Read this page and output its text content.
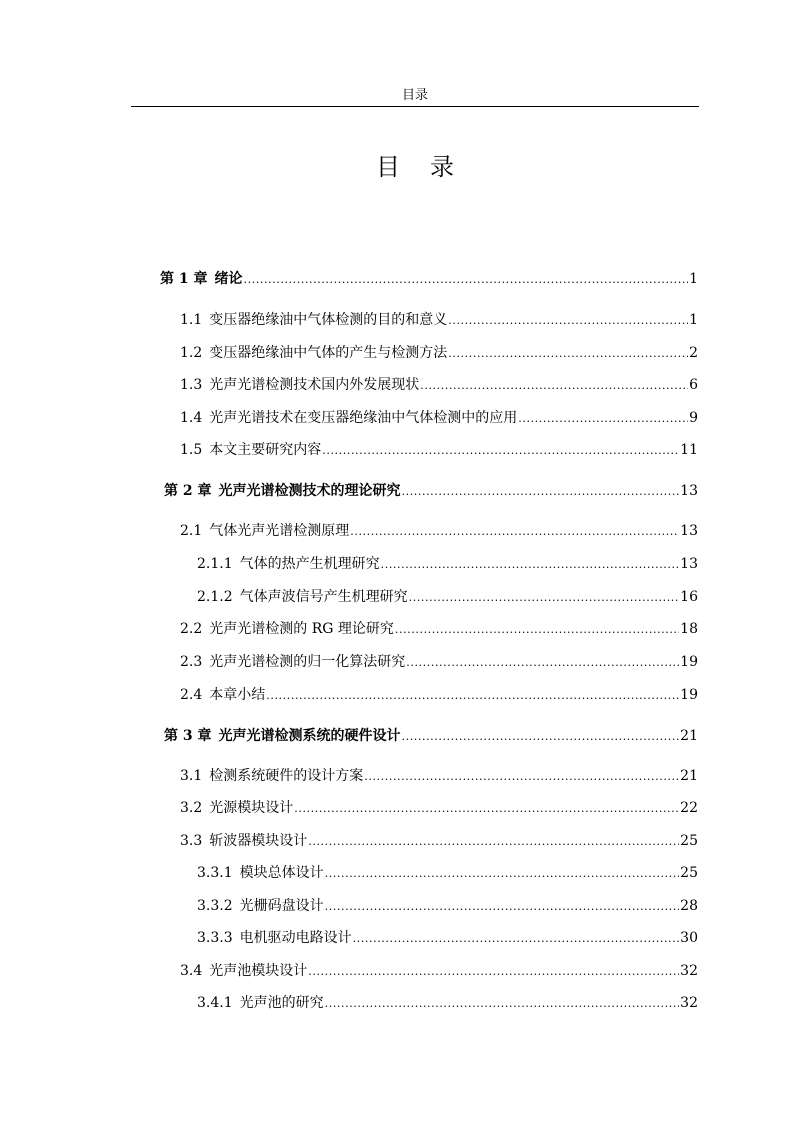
目录
目录
第 1 章 绪论 .....	1
1.1 变压器绝缘油中气体检测的目的和意义 .....	1
1.2 变压器绝缘油中气体的产生与检测方法 .....	2
1.3 光声光谱检测技术国内外发展现状 .....	6
1.4 光声光谱技术在变压器绝缘油中气体检测中的应用 .....	9
1.5 本文主要研究内容 .....	11
第 2 章 光声光谱检测技术的理论研究 .....	13
2.1 气体光声光谱检测原理 .....	13
2.1.1 气体的热产生机理研究 .....	13
2.1.2 气体声波信号产生机理研究 .....	16
2.2 光声光谱检测的 RG 理论研究 .....	18
2.3 光声光谱检测的归一化算法研究 .....	19
2.4 本章小结 .....	19
第 3 章 光声光谱检测系统的硬件设计 .....	21
3.1 检测系统硬件的设计方案 .....	21
3.2 光源模块设计 .....	22
3.3 斩波器模块设计 .....	25
3.3.1 模块总体设计 .....	25
3.3.2 光栅码盘设计 .....	28
3.3.3 电机驱动电路设计 .....	30
3.4 光声池模块设计 .....	32
3.4.1 光声池的研究 .....	32
